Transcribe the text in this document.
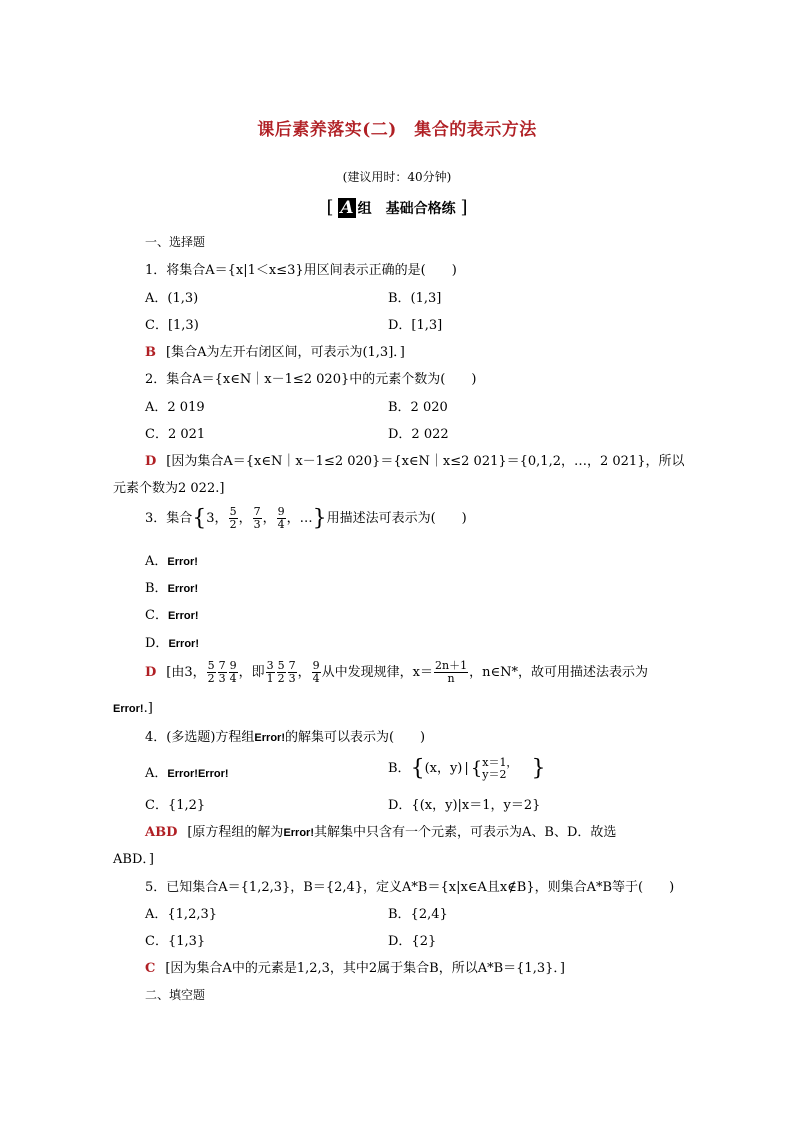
课后素养落实(二)　集合的表示方法
(建议用时：40分钟)
[ A 组　基础合格练 ]
一、选择题
1．将集合A＝{x|1＜x≤3}用区间表示正确的是(　　)
A．(1,3)	B．(1,3]
C．[1,3)	D．[1,3]
B [集合A为左开右闭区间，可表示为(1,3]．]
2．集合A＝{x∈N｜x－1≤2 020}中的元素个数为(　　)
A．2 019	B．2 020
C．2 021	D．2 022
D [因为集合A＝{x∈N｜x－1≤2 020}＝{x∈N｜x≤2 021}＝{0,1,2，…，2 021}，所以
元素个数为2 022.]
3．集合{3， $\frac{5}{2}$ ， $\frac{7}{3}$ ， $\frac{9}{4}$ ，…}用描述法可表示为(　　)
A．Error!
B．Error!
C．Error!
D．Error!
D [由3， $\frac{5}{2} \frac{7}{3} \frac{9}{4}$ ，即 $\frac{3}{1} \frac{5}{2} \frac{7}{3}$ ， $\frac{9}{4}$ 从中发现规律，$x= \frac{2n+1}{n}$ ，n∈N*，故可用描述法表示为
Error!.]
4．(多选题)方程组Error!的解集可以表示为(　　)
A．Error!Error!	B．{(x，y) | { x＝1，
y＝2	}
C．{1,2}	D．{(x，y)|x＝1，y＝2}
ABD [原方程组的解为Error!其解集中只含有一个元素，可表示为A、B、D．故选
ABD．]
5．已知集合A＝{1,2,3}，B＝{2,4}，定义A*B＝{x|x∈A且x∉B}，则集合A*B等于(　　)
A．{1,2,3}	B．{2,4}
C．{1,3}	D．{2}
C [因为集合A中的元素是1,2,3，其中2属于集合B，所以A*B＝{1,3}．]
二、填空题
